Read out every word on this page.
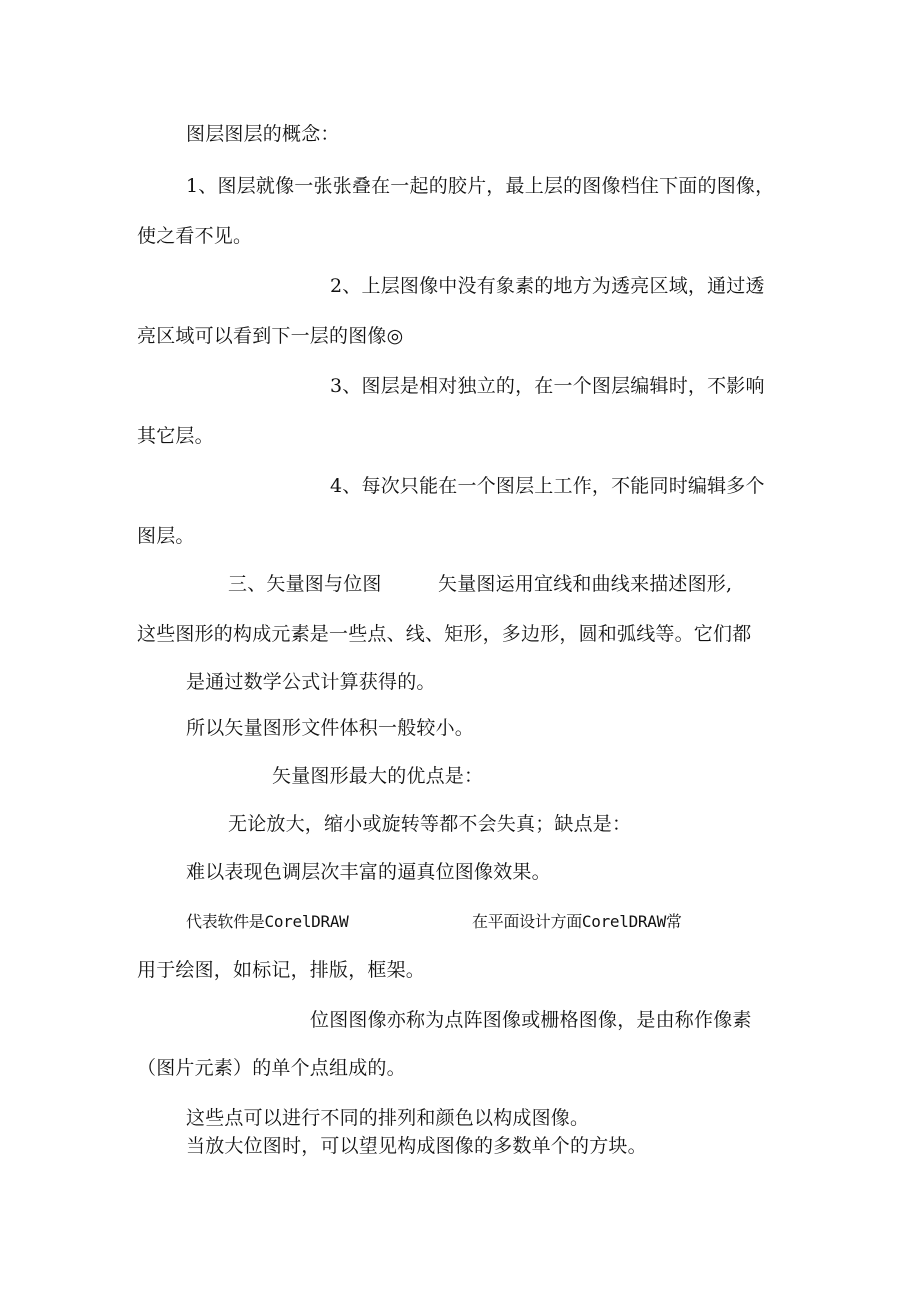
图层图层的概念：

1、图层就像一张张叠在一起的胶片，最上层的图像档住下面的图像，

使之看不见。

2、上层图像中没有象素的地方为透亮区域，通过透

亮区域可以看到下一层的图像◎

3、图层是相对独立的，在一个图层编辑时，不影响

其它层。

4、每次只能在一个图层上工作，不能同时编辑多个

图层。

三、矢量图与位图	矢量图运用宜线和曲线来描述图形,

这些图形的构成元素是一些点、线、矩形，多边形，圆和弧线等。它们都

是通过数学公式计算获得的。

所以矢量图形文件体积一般较小。

矢量图形最大的优点是：

无论放大，缩小或旋转等都不会失真；缺点是：

难以表现色调层次丰富的逼真位图像效果。

代表软件是CorelDRAW	在平面设计方面CorelDRAW常

用于绘图，如标记，排版，框架。

位图图像亦称为点阵图像或栅格图像，是由称作像素

（图片元素）的单个点组成的。

这些点可以进行不同的排列和颜色以构成图像。

当放大位图时，可以望见构成图像的多数单个的方块。
